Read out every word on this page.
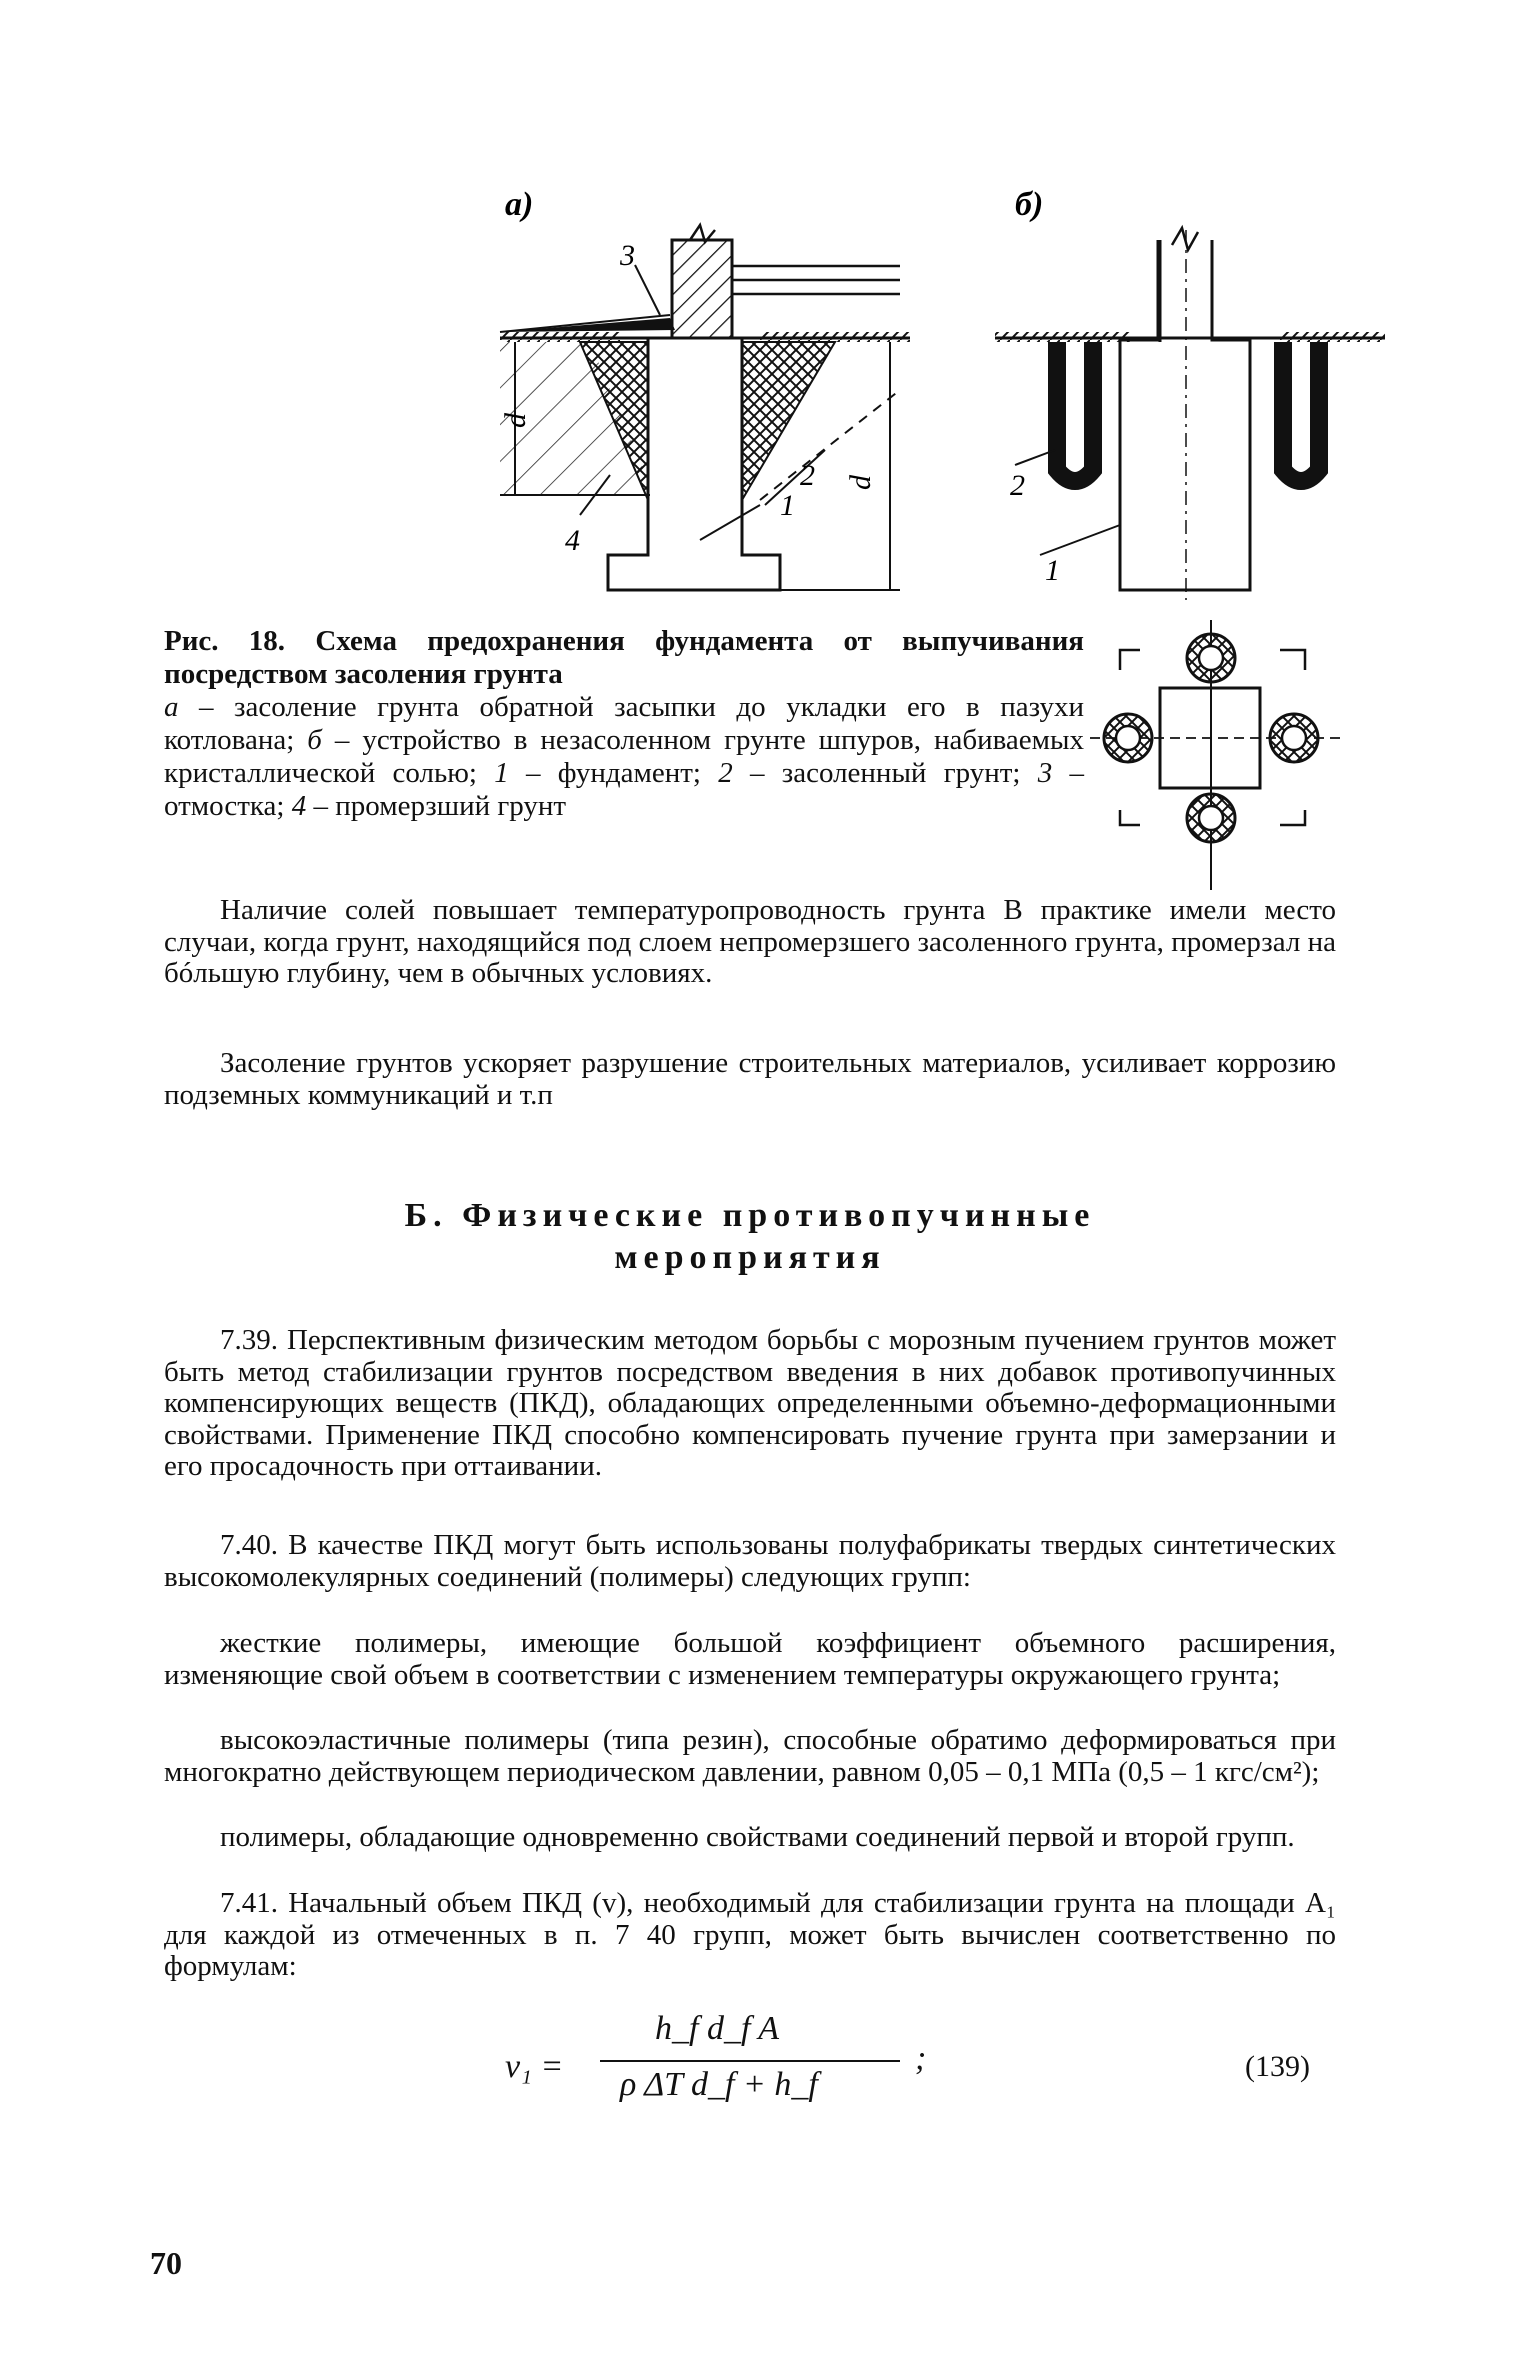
а)
3
d
4
2
1
d
б)
2
1
Рис. 18. Схема предохранения фундамента от выпучивания посредством засоления грунта
а – засоление грунта обратной засыпки до укладки его в пазухи котлована; б – устройство в незасоленном грунте шпуров, набиваемых кристаллической солью; 1 – фундамент; 2 – засоленный грунт; 3 – отмостка; 4 – промерзший грунт

Наличие солей повышает температуропроводность грунта В практике имели место случаи, когда грунт, находящийся под слоем непромерзшего засоленного грунта, промерзал на бóльшую глубину, чем в обычных условиях.

Засоление грунтов ускоряет разрушение строительных материалов, усиливает коррозию подземных коммуникаций и т.п

Б. Физические противопучинные
мероприятия

7.39. Перспективным физическим методом борьбы с морозным пучением грунтов может быть метод стабилизации грунтов посредством введения в них добавок противопучинных компенсирующих веществ (ПКД), обладающих определенными объемно-деформационными свойствами. Применение ПКД способно компенсировать пучение грунта при замерзании и его просадочность при оттаивании.

7.40. В качестве ПКД могут быть использованы полуфабрикаты твердых синтетических высокомолекулярных соединений (полимеры) следующих групп:

жесткие полимеры, имеющие большой коэффициент объемного расширения, изменяющие свой объем в соответствии с изменением температуры окружающего грунта;

высокоэластичные полимеры (типа резин), способные обратимо деформироваться при многократно действующем периодическом давлении, равном 0,05 – 0,1 МПа (0,5 – 1 кгс/см²);

полимеры, обладающие одновременно свойствами соединений первой и второй групп.

7.41. Начальный объем ПКД (v), необходимый для стабилизации грунта на площади A₁ для каждой из отмеченных в п. 7 40 групп, может быть вычислен соответственно по формулам:

v₁ =
h_f d_f A
ρ ΔT d_f + h_f
;	(139)
70
